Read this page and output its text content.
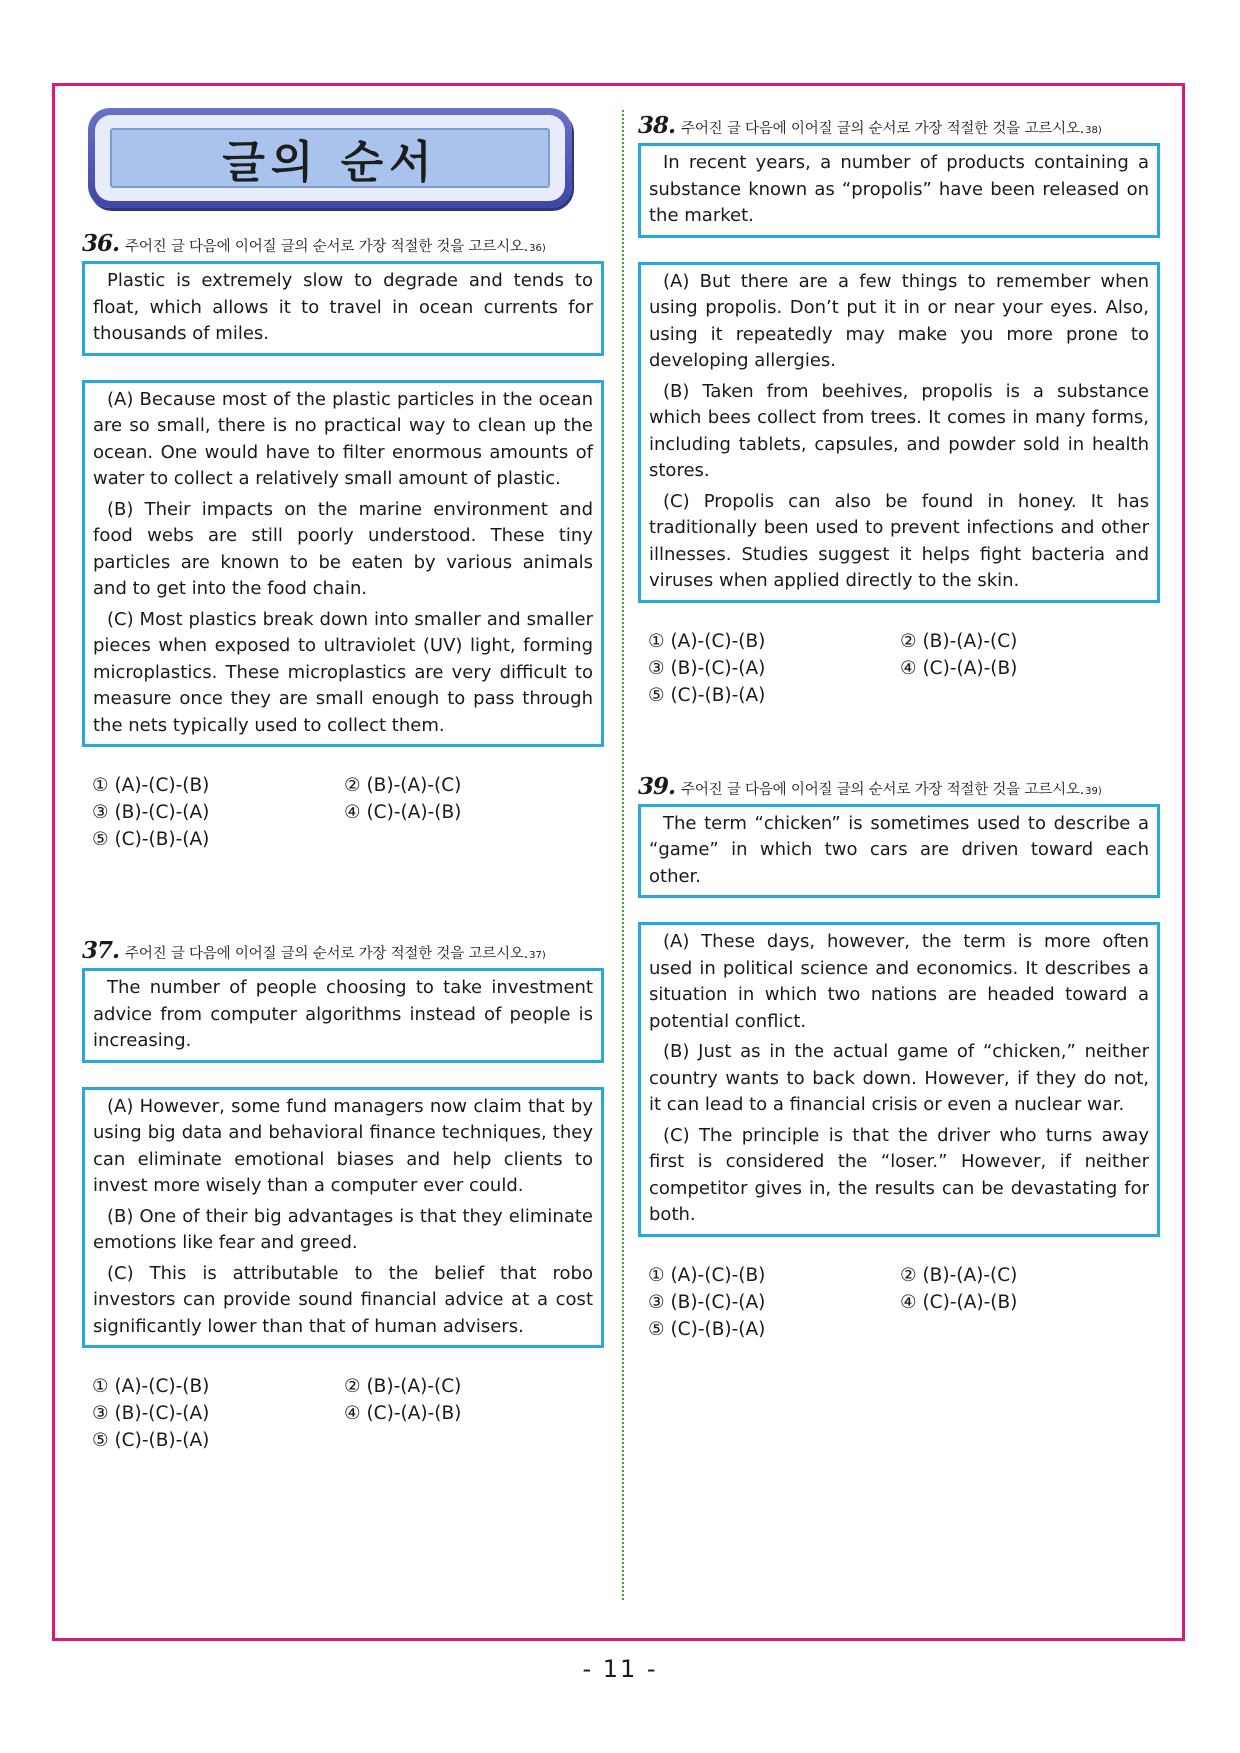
글의 순서
36. 주어진 글 다음에 이어질 글의 순서로 가장 적절한 것을 고르시오. 36)

Plastic is extremely slow to degrade and tends to float, which allows it to travel in ocean currents for thousands of miles.

(A) Because most of the plastic particles in the ocean are so small, there is no practical way to clean up the ocean. One would have to filter enormous amounts of water to collect a relatively small amount of plastic.

(B) Their impacts on the marine environment and food webs are still poorly understood. These tiny particles are known to be eaten by various animals and to get into the food chain.

(C) Most plastics break down into smaller and smaller pieces when exposed to ultraviolet (UV) light, forming microplastics. These microplastics are very difficult to measure once they are small enough to pass through the nets typically used to collect them.

① (A)-(C)-(B)	② (B)-(A)-(C)
③ (B)-(C)-(A)	④ (C)-(A)-(B)
⑤ (C)-(B)-(A)
37. 주어진 글 다음에 이어질 글의 순서로 가장 적절한 것을 고르시오. 37)

The number of people choosing to take investment advice from computer algorithms instead of people is increasing.

(A) However, some fund managers now claim that by using big data and behavioral finance techniques, they can eliminate emotional biases and help clients to invest more wisely than a computer ever could.

(B) One of their big advantages is that they eliminate emotions like fear and greed.

(C) This is attributable to the belief that robo investors can provide sound financial advice at a cost significantly lower than that of human advisers.

① (A)-(C)-(B)	② (B)-(A)-(C)
③ (B)-(C)-(A)	④ (C)-(A)-(B)
⑤ (C)-(B)-(A)
38. 주어진 글 다음에 이어질 글의 순서로 가장 적절한 것을 고르시오. 38)

In recent years, a number of products containing a substance known as “propolis” have been released on the market.

(A) But there are a few things to remember when using propolis. Don’t put it in or near your eyes. Also, using it repeatedly may make you more prone to developing allergies.

(B) Taken from beehives, propolis is a substance which bees collect from trees. It comes in many forms, including tablets, capsules, and powder sold in health stores.

(C) Propolis can also be found in honey. It has traditionally been used to prevent infections and other illnesses. Studies suggest it helps fight bacteria and viruses when applied directly to the skin.

① (A)-(C)-(B)	② (B)-(A)-(C)
③ (B)-(C)-(A)	④ (C)-(A)-(B)
⑤ (C)-(B)-(A)
39. 주어진 글 다음에 이어질 글의 순서로 가장 적절한 것을 고르시오. 39)

The term “chicken” is sometimes used to describe a “game” in which two cars are driven toward each other.

(A) These days, however, the term is more often used in political science and economics. It describes a situation in which two nations are headed toward a potential conflict.

(B) Just as in the actual game of “chicken,” neither country wants to back down. However, if they do not, it can lead to a financial crisis or even a nuclear war.

(C) The principle is that the driver who turns away first is considered the “loser.” However, if neither competitor gives in, the results can be devastating for both.

① (A)-(C)-(B)	② (B)-(A)-(C)
③ (B)-(C)-(A)	④ (C)-(A)-(B)
⑤ (C)-(B)-(A)
- 11 -
